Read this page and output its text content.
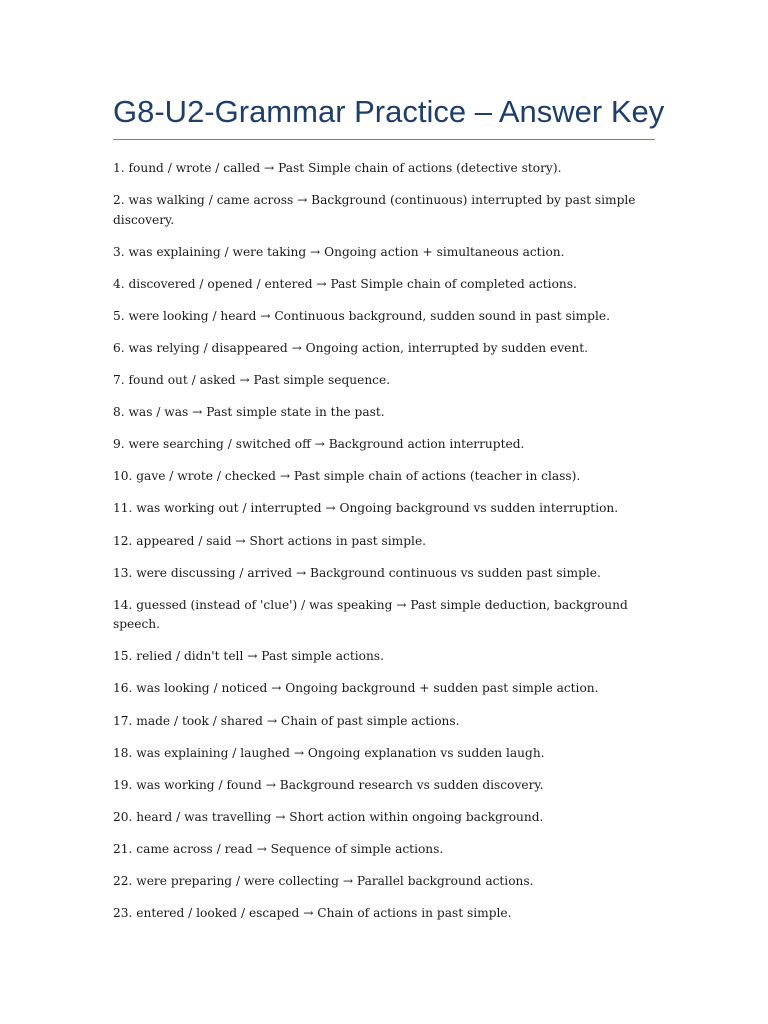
G8-U2-Grammar Practice – Answer Key
1. found / wrote / called → Past Simple chain of actions (detective story).
2. was walking / came across → Background (continuous) interrupted by past simple discovery.
3. was explaining / were taking → Ongoing action + simultaneous action.
4. discovered / opened / entered → Past Simple chain of completed actions.
5. were looking / heard → Continuous background, sudden sound in past simple.
6. was relying / disappeared → Ongoing action, interrupted by sudden event.
7. found out / asked → Past simple sequence.
8. was / was → Past simple state in the past.
9. were searching / switched off → Background action interrupted.
10. gave / wrote / checked → Past simple chain of actions (teacher in class).
11. was working out / interrupted → Ongoing background vs sudden interruption.
12. appeared / said → Short actions in past simple.
13. were discussing / arrived → Background continuous vs sudden past simple.
14. guessed (instead of 'clue') / was speaking → Past simple deduction, background speech.
15. relied / didn't tell → Past simple actions.
16. was looking / noticed → Ongoing background + sudden past simple action.
17. made / took / shared → Chain of past simple actions.
18. was explaining / laughed → Ongoing explanation vs sudden laugh.
19. was working / found → Background research vs sudden discovery.
20. heard / was travelling → Short action within ongoing background.
21. came across / read → Sequence of simple actions.
22. were preparing / were collecting → Parallel background actions.
23. entered / looked / escaped → Chain of actions in past simple.
